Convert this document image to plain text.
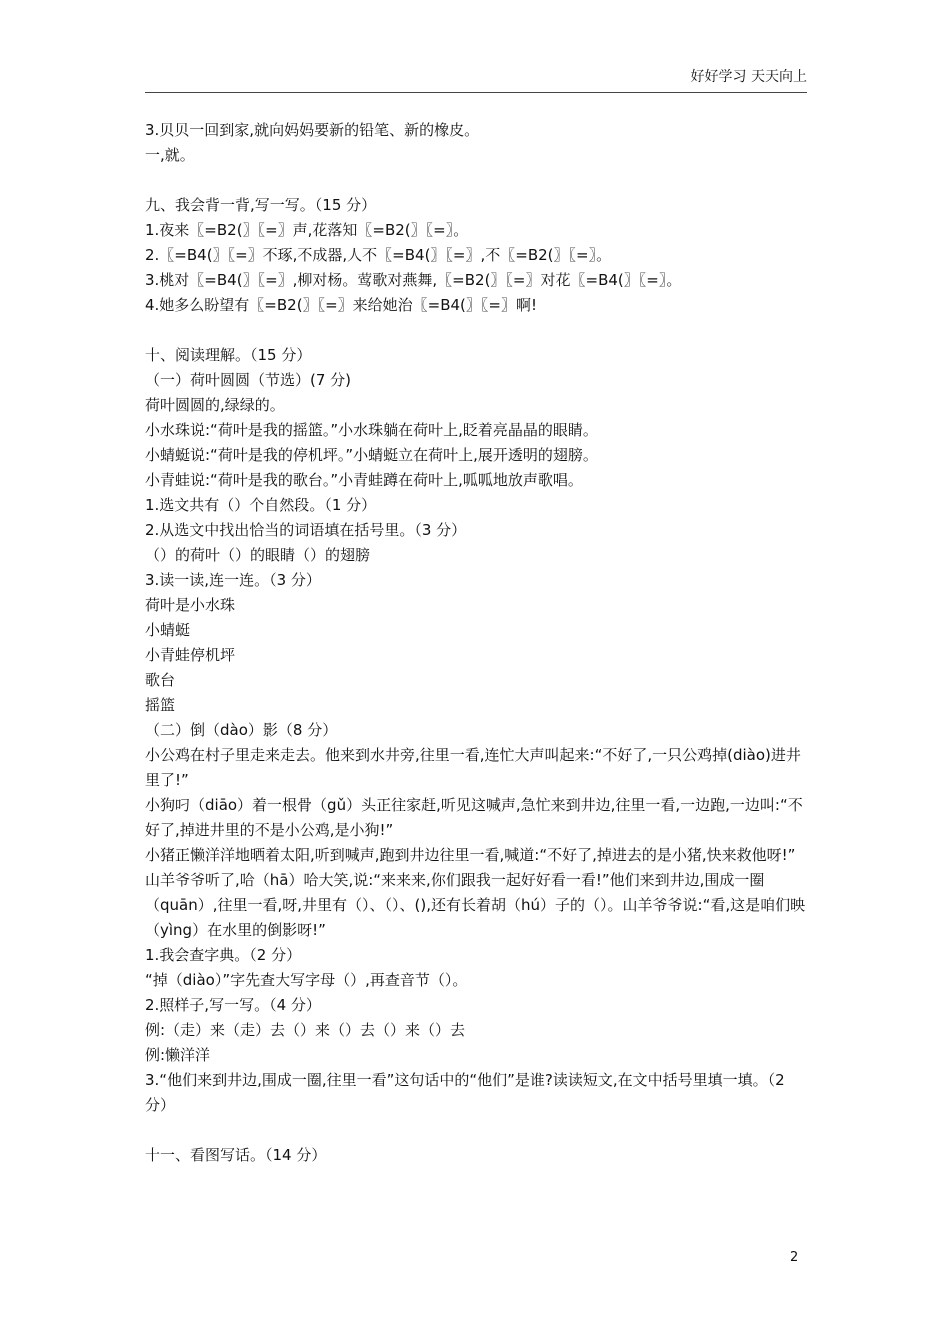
好好学习 天天向上
3.贝贝一回到家,就向妈妈要新的铅笔、新的橡皮。
一,就。
九、我会背一背,写一写。（15 分）
1.夜来〖=B2(〗〖=〗声,花落知〖=B2(〗〖=〗。
2.〖=B4(〗〖=〗不琢,不成器,人不〖=B4(〗〖=〗,不〖=B2(〗〖=〗。
3.桃对〖=B4(〗〖=〗,柳对杨。莺歌对燕舞,〖=B2(〗〖=〗对花〖=B4(〗〖=〗。
4.她多么盼望有〖=B2(〗〖=〗来给她治〖=B4(〗〖=〗啊!
十、阅读理解。（15 分）
（一）荷叶圆圆（节选）(7 分)
荷叶圆圆的,绿绿的。
小水珠说:“荷叶是我的摇篮。”小水珠躺在荷叶上,眨着亮晶晶的眼睛。
小蜻蜓说:“荷叶是我的停机坪。”小蜻蜓立在荷叶上,展开透明的翅膀。
小青蛙说:“荷叶是我的歌台。”小青蛙蹲在荷叶上,呱呱地放声歌唱。
1.选文共有（）个自然段。（1 分）
2.从选文中找出恰当的词语填在括号里。（3 分）
（）的荷叶（）的眼睛（）的翅膀
3.读一读,连一连。（3 分）
荷叶是小水珠
小蜻蜓
小青蛙停机坪
歌台
摇篮
（二）倒（dào）影（8 分）
小公鸡在村子里走来走去。他来到水井旁,往里一看,连忙大声叫起来:“不好了,一只公鸡掉(diào)进井里了!”
小狗叼（diāo）着一根骨（gǔ）头正往家赶,听见这喊声,急忙来到井边,往里一看,一边跑,一边叫:“不好了,掉进井里的不是小公鸡,是小狗!”
小猪正懒洋洋地晒着太阳,听到喊声,跑到井边往里一看,喊道:“不好了,掉进去的是小猪,快来救他呀!”
山羊爷爷听了,哈（hā）哈大笑,说:“来来来,你们跟我一起好好看一看!”他们来到井边,围成一圈（quān）,往里一看,呀,井里有（）、（）、(),还有长着胡（hú）子的（）。山羊爷爷说:“看,这是咱们映（yìng）在水里的倒影呀!”
1.我会查字典。（2 分）
“掉（diào）”字先查大写字母（）,再查音节（）。
2.照样子,写一写。（4 分）
例:（走）来（走）去（）来（）去（）来（）去
例:懒洋洋
3.“他们来到井边,围成一圈,往里一看”这句话中的“他们”是谁?读读短文,在文中括号里填一填。（2 分）
十一、看图写话。（14 分）
2
